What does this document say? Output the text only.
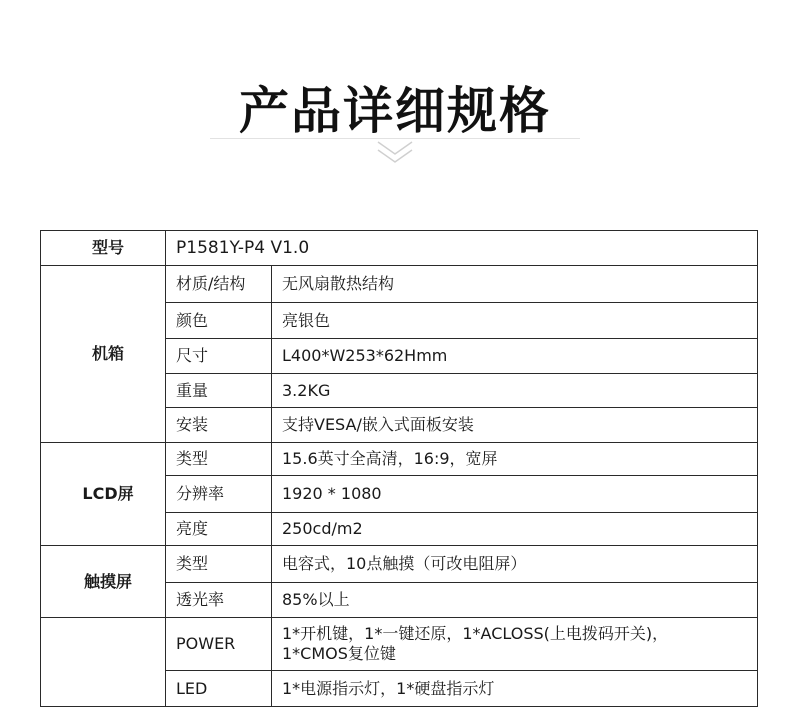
产品详细规格
型号	P1581Y-P4 V1.0	
机箱	材质/结构	无风扇散热结构
	颜色	亮银色
	尺寸	L400*W253*62Hmm
	重量	3.2KG
	安装	支持VESA/嵌入式面板安装
LCD屏	类型	15.6英寸全高清，16:9，宽屏
	分辨率	1920 * 1080
	亮度	250cd/m2
触摸屏	类型	电容式，10点触摸（可改电阻屏）
	透光率	85%以上
	POWER	1*开机键，1*一键还原，1*ACLOSS(上电拨码开关)，
1*CMOS复位键

	LED	1*电源指示灯，1*硬盘指示灯
